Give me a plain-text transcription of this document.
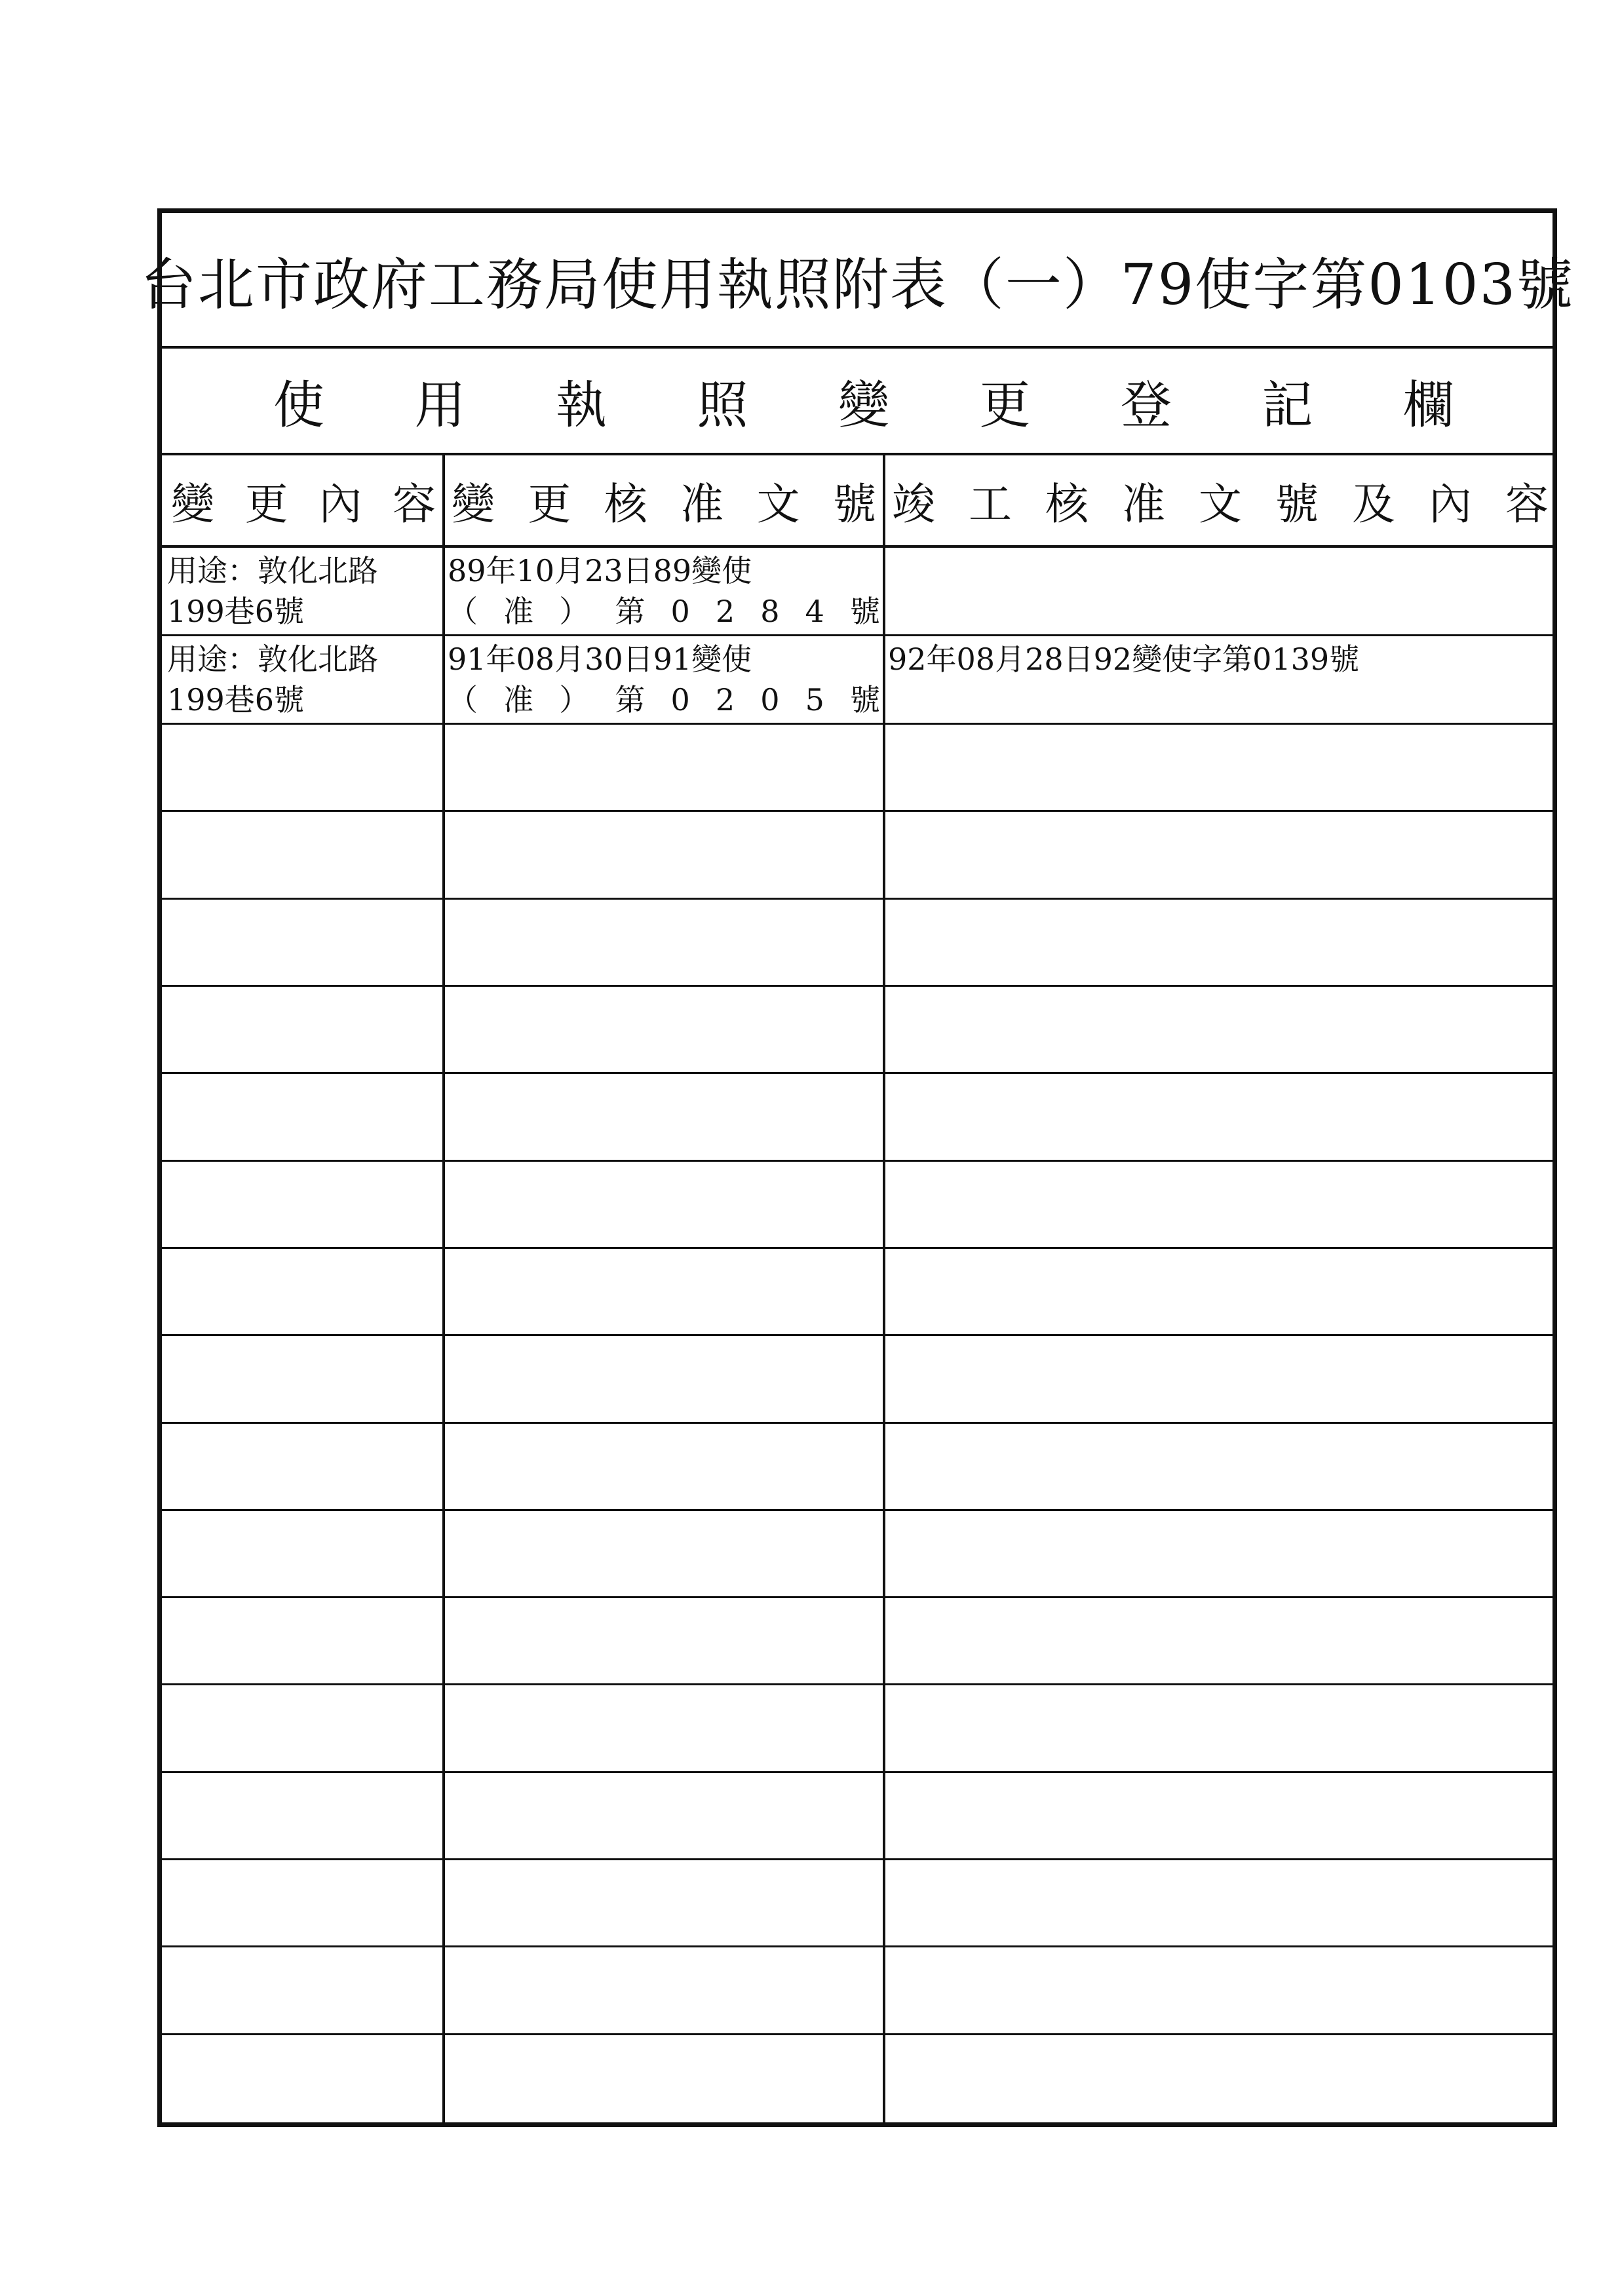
台北市政府工務局使用執照附表（一）79使字第0103號
使 用 執 照 變 更 登 記 欄
變 更 內 容 變 更 核 准 文 號 竣 工 核 准 文 號 及 內 容
用途：敦化北路
199巷6號
89年10月23日89變使
（ 准 ） 第 0 2 8 4 號
用途：敦化北路
199巷6號
91年08月30日91變使
（ 准 ） 第 0 2 0 5 號
92年08月28日92變使字第0139號
